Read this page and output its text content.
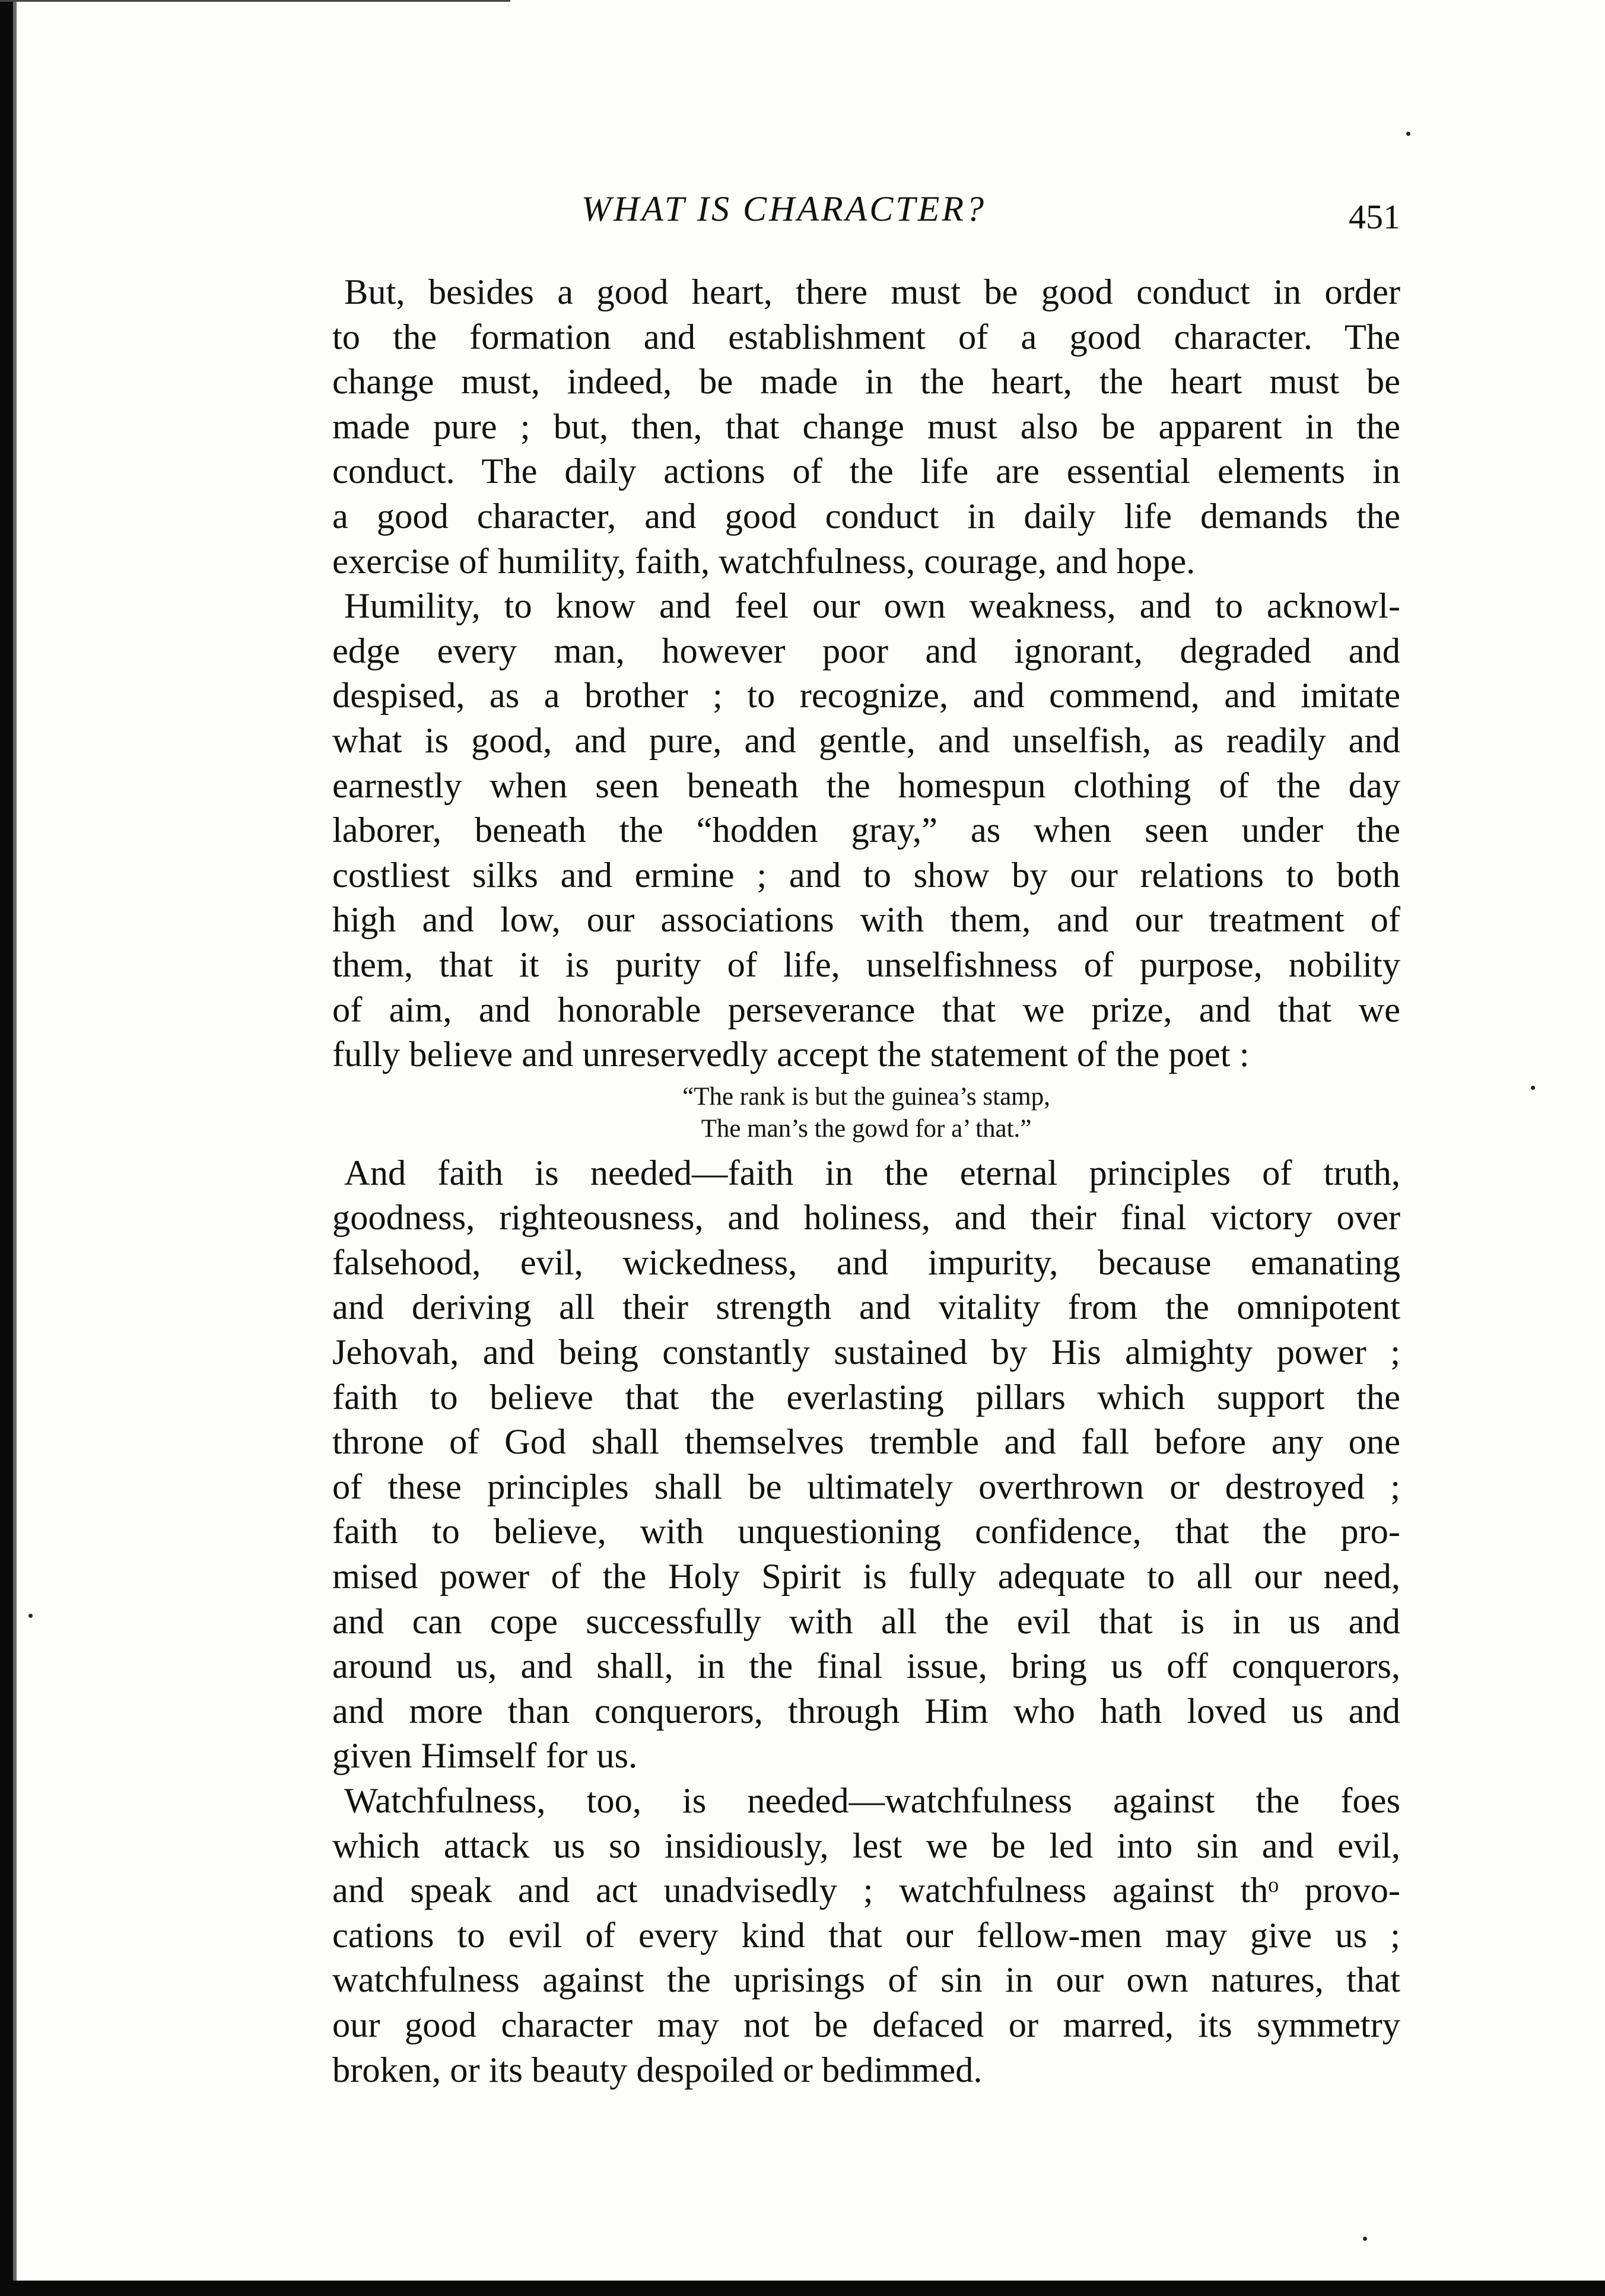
WHAT IS CHARACTER?	451
But, besides a good heart, there must be good conduct in order
to the formation and establishment of a good character. The
change must, indeed, be made in the heart, the heart must be
made pure ; but, then, that change must also be apparent in the
conduct. The daily actions of the life are essential elements in
a good character, and good conduct in daily life demands the
exercise of humility, faith, watchfulness, courage, and hope.
Humility, to know and feel our own weakness, and to acknowl-
edge every man, however poor and ignorant, degraded and
despised, as a brother ; to recognize, and commend, and imitate
what is good, and pure, and gentle, and unselfish, as readily and
earnestly when seen beneath the homespun clothing of the day
laborer, beneath the “hodden gray,” as when seen under the
costliest silks and ermine ; and to show by our relations to both
high and low, our associations with them, and our treatment of
them, that it is purity of life, unselfishness of purpose, nobility
of aim, and honorable perseverance that we prize, and that we
fully believe and unreservedly accept the statement of the poet :
“The rank is but the guinea’s stamp,
The man’s the gowd for a’ that.”
And faith is needed—faith in the eternal principles of truth,
goodness, righteousness, and holiness, and their final victory over
falsehood, evil, wickedness, and impurity, because emanating
and deriving all their strength and vitality from the omnipotent
Jehovah, and being constantly sustained by His almighty power ;
faith to believe that the everlasting pillars which support the
throne of God shall themselves tremble and fall before any one
of these principles shall be ultimately overthrown or destroyed ;
faith to believe, with unquestioning confidence, that the pro-
mised power of the Holy Spirit is fully adequate to all our need,
and can cope successfully with all the evil that is in us and
around us, and shall, in the final issue, bring us off conquerors,
and more than conquerors, through Him who hath loved us and
given Himself for us.
Watchfulness, too, is needed—watchfulness against the foes
which attack us so insidiously, lest we be led into sin and evil,
and speak and act unadvisedly ; watchfulness against thᵒ provo-
cations to evil of every kind that our fellow-men may give us ;
watchfulness against the uprisings of sin in our own natures, that
our good character may not be defaced or marred, its symmetry
broken, or its beauty despoiled or bedimmed.
